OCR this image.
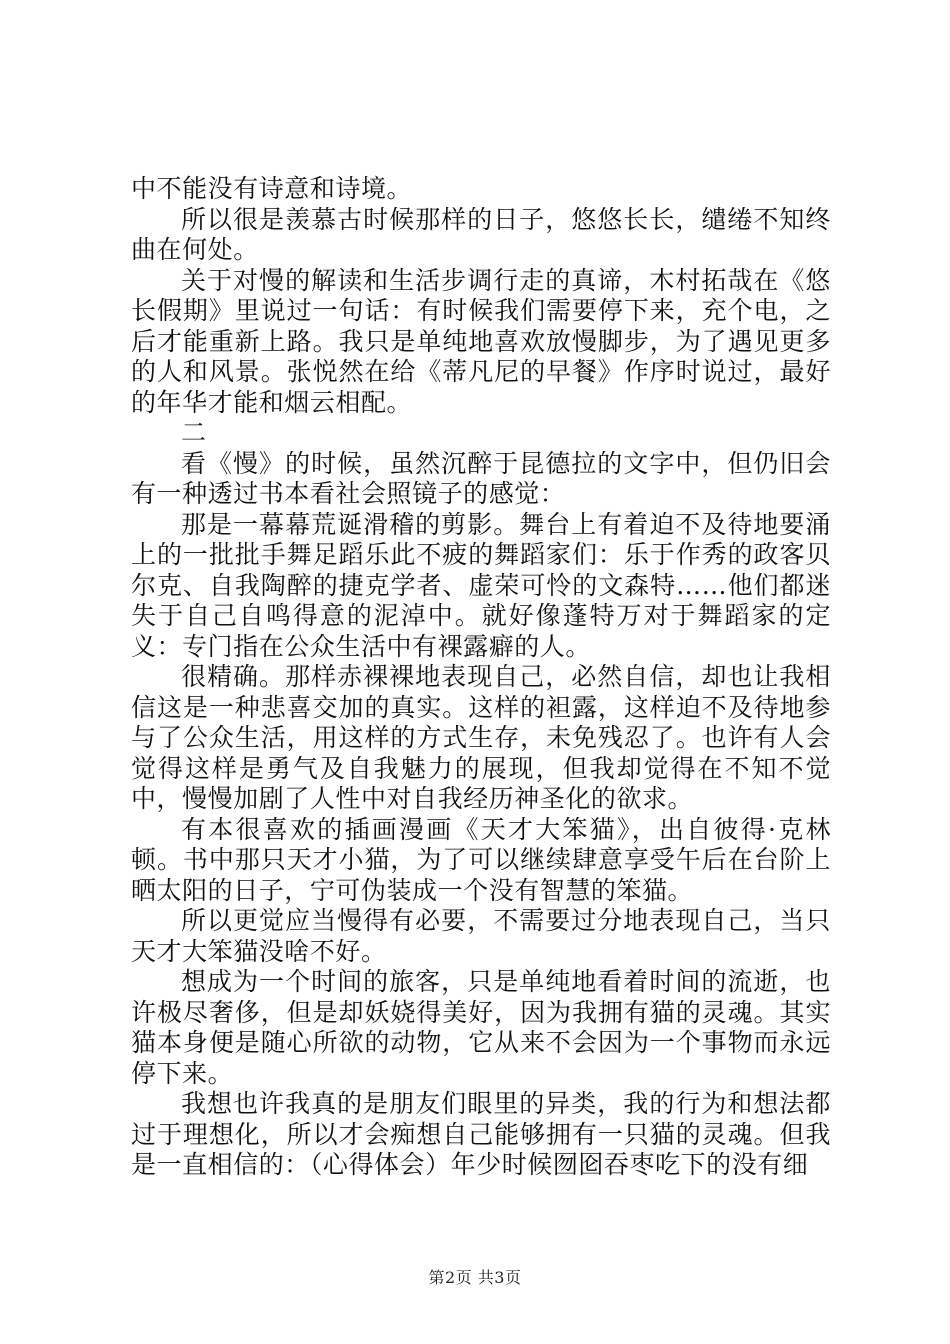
中不能没有诗意和诗境。

所以很是羡慕古时候那样的日子，悠悠长长，缱绻不知终曲在何处。

关于对慢的解读和生活步调行走的真谛，木村拓哉在《悠长假期》里说过一句话：有时候我们需要停下来，充个电，之后才能重新上路。我只是单纯地喜欢放慢脚步，为了遇见更多的人和风景。张悦然在给《蒂凡尼的早餐》作序时说过，最好的年华才能和烟云相配。

二

看《慢》的时候，虽然沉醉于昆德拉的文字中，但仍旧会有一种透过书本看社会照镜子的感觉：

那是一幕幕荒诞滑稽的剪影。舞台上有着迫不及待地要涌上的一批批手舞足蹈乐此不疲的舞蹈家们：乐于作秀的政客贝尔克、自我陶醉的捷克学者、虚荣可怜的文森特……他们都迷失于自己自鸣得意的泥淖中。就好像蓬特万对于舞蹈家的定义：专门指在公众生活中有裸露癖的人。

很精确。那样赤裸裸地表现自己，必然自信，却也让我相信这是一种悲喜交加的真实。这样的袒露，这样迫不及待地参与了公众生活，用这样的方式生存，未免残忍了。也许有人会觉得这样是勇气及自我魅力的展现，但我却觉得在不知不觉中，慢慢加剧了人性中对自我经历神圣化的欲求。

有本很喜欢的插画漫画《天才大笨猫》，出自彼得·克林顿。书中那只天才小猫，为了可以继续肆意享受午后在台阶上晒太阳的日子，宁可伪装成一个没有智慧的笨猫。

所以更觉应当慢得有必要，不需要过分地表现自己，当只天才大笨猫没啥不好。

想成为一个时间的旅客，只是单纯地看着时间的流逝，也许极尽奢侈，但是却妖娆得美好，因为我拥有猫的灵魂。其实猫本身便是随心所欲的动物，它从来不会因为一个事物而永远停下来。

我想也许我真的是朋友们眼里的异类，我的行为和想法都过于理想化，所以才会痴想自己能够拥有一只猫的灵魂。但我是一直相信的：（心得体会）年少时候囫囵吞枣吃下的没有细

第2页 共3页
